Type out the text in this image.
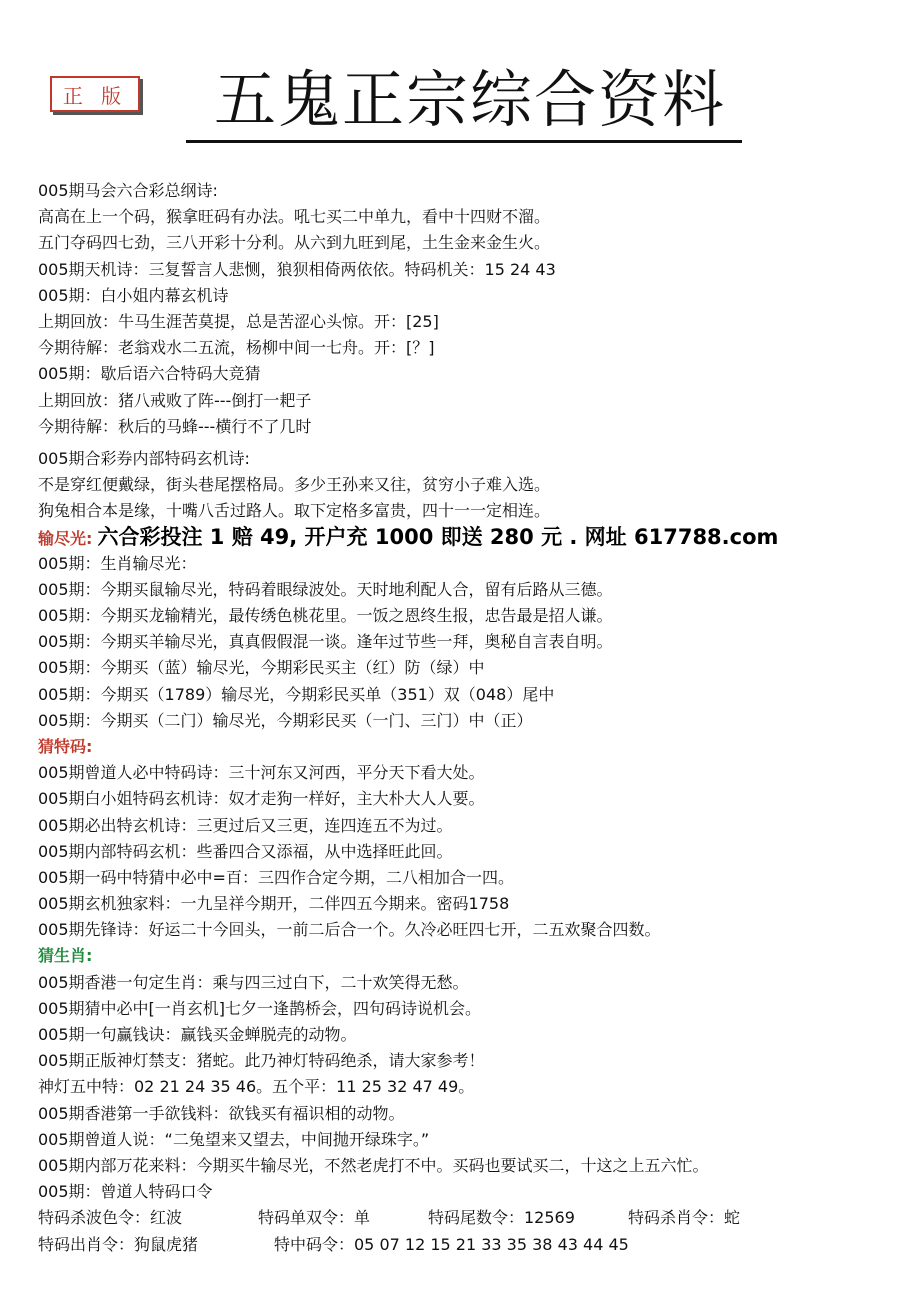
正 版	五鬼正宗综合资料
005期马会六合彩总纲诗:
高高在上一个码，猴拿旺码有办法。吼七买二中单九，看中十四财不溜。
五门夺码四七劲，三八开彩十分利。从六到九旺到尾，土生金来金生火。
005期天机诗：三复誓言人悲恻，狼狈相倚两依依。特码机关：15 24 43
005期：白小姐内幕玄机诗
上期回放：牛马生涯苦莫提，总是苦涩心头惊。开：[25]
今期待解：老翁戏水二五流，杨柳中间一七舟。开：[？]
005期：歇后语六合特码大竞猜
上期回放：猪八戒败了阵---倒打一耙子
今期待解：秋后的马蜂---横行不了几时
005期合彩券内部特码玄机诗:
不是穿红便戴绿，街头巷尾摆格局。多少王孙来又往，贫穷小子难入选。
狗兔相合本是缘，十嘴八舌过路人。取下定格多富贵，四十一一定相连。
输尽光: 六合彩投注 1 赔 49, 开户充 1000 即送 280 元 . 网址 617788.com
005期：生肖输尽光：
005期：今期买鼠输尽光，特码着眼绿波处。天时地利配人合，留有后路从三德。
005期：今期买龙输精光，最传绣色桃花里。一饭之恩终生报，忠告最是招人谦。
005期：今期买羊输尽光，真真假假混一谈。逢年过节些一拜，奥秘自言表自明。
005期：今期买（蓝）输尽光，今期彩民买主（红）防（绿）中
005期：今期买（1789）输尽光，今期彩民买单（351）双（048）尾中
005期：今期买（二门）输尽光，今期彩民买（一门、三门）中（正）
猜特码:
005期曾道人必中特码诗：三十河东又河西，平分天下看大处。
005期白小姐特码玄机诗：奴才走狗一样好，主大朴大人人要。
005期必出特玄机诗：三更过后又三更，连四连五不为过。
005期内部特码玄机：些番四合又添福，从中选择旺此回。
005期一码中特猜中必中=百：三四作合定今期，二八相加合一四。
005期玄机独家料：一九呈祥今期开，二伴四五今期来。密码1758
005期先锋诗：好运二十今回头，一前二后合一个。久冷必旺四七开，二五欢聚合四数。
猜生肖:
005期香港一句定生肖：乘与四三过白下，二十欢笑得无愁。
005期猜中必中[一肖玄机]七夕一逢鹊桥会，四句码诗说机会。
005期一句赢钱诀：赢钱买金蝉脱壳的动物。
005期正版神灯禁支：猪蛇。此乃神灯特码绝杀，请大家参考！
神灯五中特：02 21 24 35 46。五个平：11 25 32 47 49。
005期香港第一手欲钱料：欲钱买有福识相的动物。
005期曾道人说：“二兔望来又望去，中间抛开绿珠字。”
005期内部万花来料：今期买牛输尽光，不然老虎打不中。买码也要试买二，十这之上五六忙。
005期：曾道人特码口令
特码杀波色令：红波	特码单双令：单	特码尾数令：12569	特码杀肖令：蛇
特码出肖令：狗鼠虎猪	特中码令：05 07 12 15 21 33 35 38 43 44 45
